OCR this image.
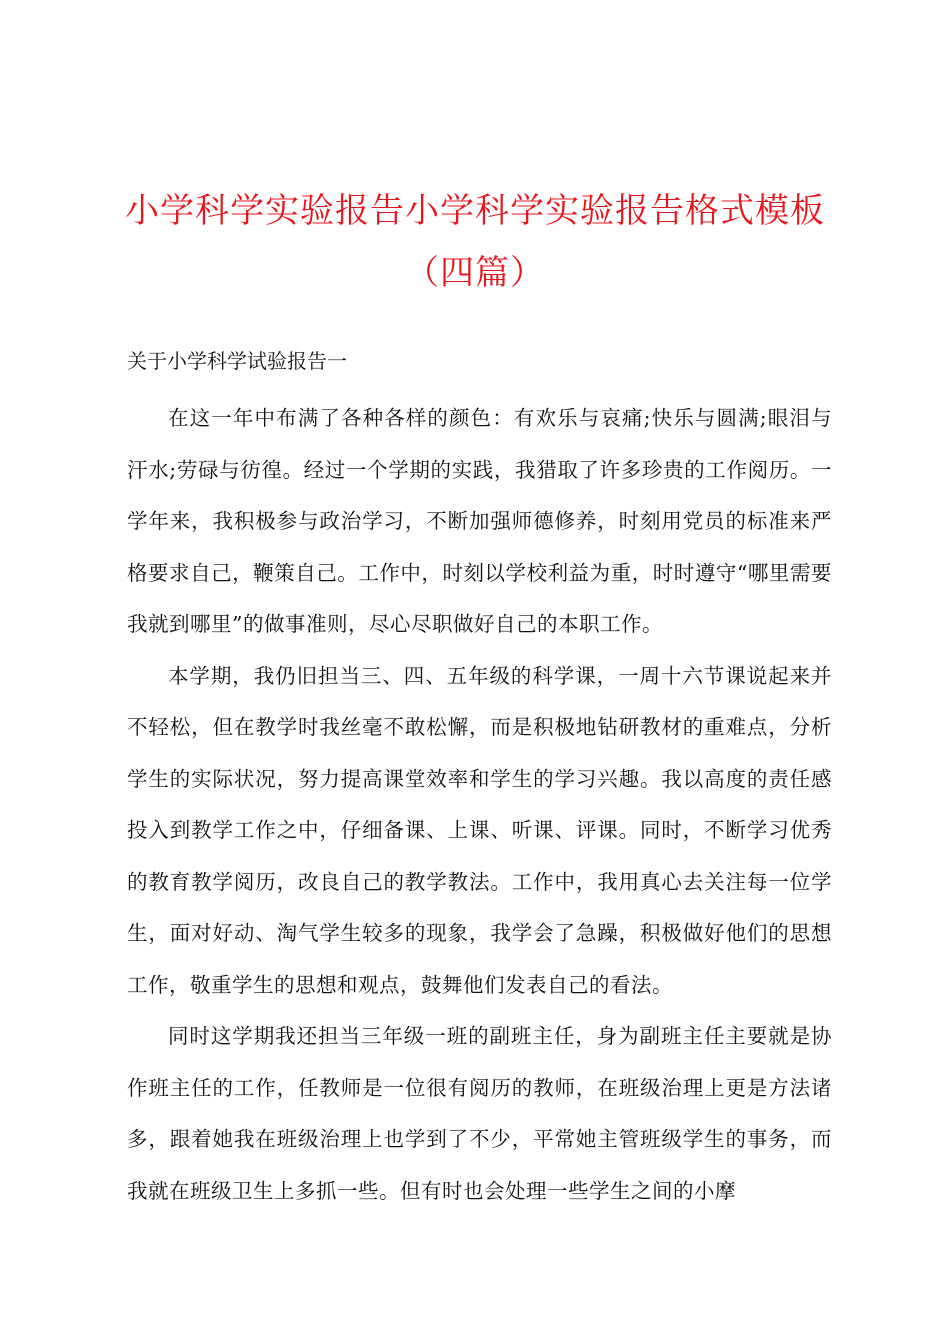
小学科学实验报告小学科学实验报告格式模板（四篇）
关于小学科学试验报告一

在这一年中布满了各种各样的颜色：有欢乐与哀痛;快乐与圆满;眼泪与汗水;劳碌与彷徨。经过一个学期的实践，我猎取了许多珍贵的工作阅历。一学年来，我积极参与政治学习，不断加强师德修养，时刻用党员的标准来严格要求自己，鞭策自己。工作中，时刻以学校利益为重，时时遵守“哪里需要我就到哪里”的做事准则，尽心尽职做好自己的本职工作。

本学期，我仍旧担当三、四、五年级的科学课，一周十六节课说起来并不轻松，但在教学时我丝毫不敢松懈，而是积极地钻研教材的重难点，分析学生的实际状况，努力提高课堂效率和学生的学习兴趣。我以高度的责任感投入到教学工作之中，仔细备课、上课、听课、评课。同时，不断学习优秀的教育教学阅历，改良自己的教学教法。工作中，我用真心去关注每一位学生，面对好动、淘气学生较多的现象，我学会了急躁，积极做好他们的思想工作，敬重学生的思想和观点，鼓舞他们发表自己的看法。

同时这学期我还担当三年级一班的副班主任，身为副班主任主要就是协作班主任的工作，任教师是一位很有阅历的教师，在班级治理上更是方法诸多，跟着她我在班级治理上也学到了不少，平常她主管班级学生的事务，而我就在班级卫生上多抓一些。但有时也会处理一些学生之间的小摩
